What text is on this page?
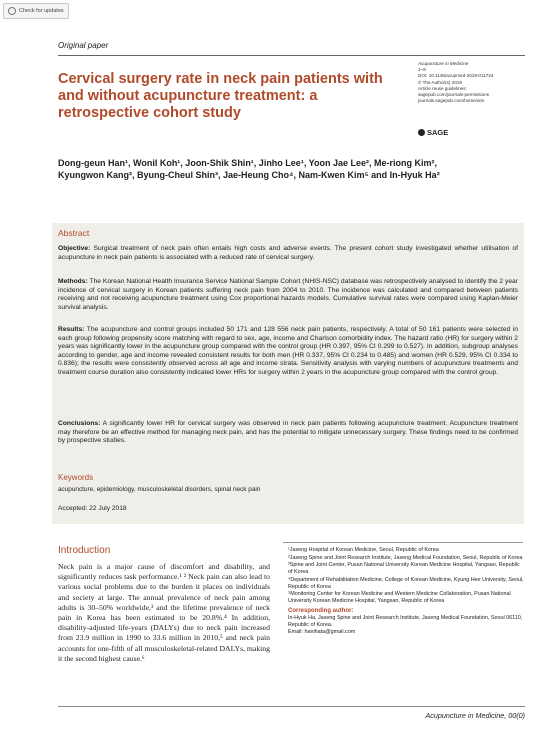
Check for updates
Original paper
Cervical surgery rate in neck pain patients with and without acupuncture treatment: a retrospective cohort study
Acupuncture in Medicine
1–9
DOI: 10.1136/acupmed-2018-011724
© The Author(s) 2019
Article reuse guidelines:
sagepub.com/journals-permissions
journals.sagepub.com/home/aim
SAGE
Dong-geun Han¹, Wonil Koh¹, Joon-Shik Shin¹, Jinho Lee¹, Yoon Jae Lee², Me-riong Kim², Kyungwon Kang², Byung-Cheul Shin³, Jae-Heung Cho⁴, Nam-Kwen Kim⁵ and In-Hyuk Ha²
Abstract
Objective: Surgical treatment of neck pain often entails high costs and adverse events. The present cohort study investigated whether utilisation of acupuncture in neck pain patients is associated with a reduced rate of cervical surgery.
Methods: The Korean National Health Insurance Service National Sample Cohort (NHIS-NSC) database was retrospectively analysed to identify the 2 year incidence of cervical surgery in Korean patients suffering neck pain from 2004 to 2010. The incidence was calculated and compared between patients receiving and not receiving acupuncture treatment using Cox proportional hazards models. Cumulative survival rates were compared using Kaplan-Meier survival analysis.
Results: The acupuncture and control groups included 50 171 and 128 556 neck pain patients, respectively. A total of 50 161 patients were selected in each group following propensity score matching with regard to sex, age, income and Charlson comorbidity index. The hazard ratio (HR) for surgery within 2 years was significantly lower in the acupuncture group compared with the control group (HR 0.397, 95% CI 0.299 to 0.527). In addition, subgroup analyses according to gender, age and income revealed consistent results for both men (HR 0.337, 95% CI 0.234 to 0.485) and women (HR 0.529, 95% CI 0.334 to 0.836); the results were consistently observed across all age and income strata. Sensitivity analysis with varying numbers of acupuncture treatments and treatment course duration also consistently indicated lower HRs for surgery within 2 years in the acupuncture group compared with the control group.
Conclusions: A significantly lower HR for cervical surgery was observed in neck pain patients following acupuncture treatment. Acupuncture treatment may therefore be an effective method for managing neck pain, and has the potential to mitigate unnecessary surgery. These findings need to be confirmed by prospective studies.
Keywords
acupuncture, epidemiology, musculoskeletal disorders, spinal neck pain
Accepted: 22 July 2018
Introduction
Neck pain is a major cause of discomfort and disability, and significantly reduces task performance.¹ ² Neck pain can also lead to various social problems due to the burden it places on individuals and society at large. The annual prevalence of neck pain among adults is 30–50% worldwide,³ and the lifetime prevalence of neck pain in Korea has been estimated to be 20.8%.⁴ In addition, disability-adjusted life-years (DALYs) due to neck pain increased from 23.9 million in 1990 to 33.6 million in 2010,⁵ and neck pain accounts for one-fifth of all musculoskeletal-related DALYs, making it the second highest cause.⁶
¹Jaseng Hospital of Korean Medicine, Seoul, Republic of Korea
²Jaseng Spine and Joint Research Institute, Jaseng Medical Foundation, Seoul, Republic of Korea
³Spine and Joint Center, Pusan National University Korean Medicine Hospital, Yangsan, Republic of Korea
⁴Department of Rehabilitation Medicine, College of Korean Medicine, Kyung Hee University, Seoul, Republic of Korea
⁵Monitoring Center for Korean Medicine and Western Medicine Collaboration, Pusan National University Korean Medicine Hospital, Yangsan, Republic of Korea
Corresponding author:
In-Hyuk Ha, Jaseng Spine and Joint Research Institute, Jaseng Medical Foundation, Seoul 06110, Republic of Korea.
Email: hanihata@gmail.com
Acupuncture in Medicine, 00(0)
